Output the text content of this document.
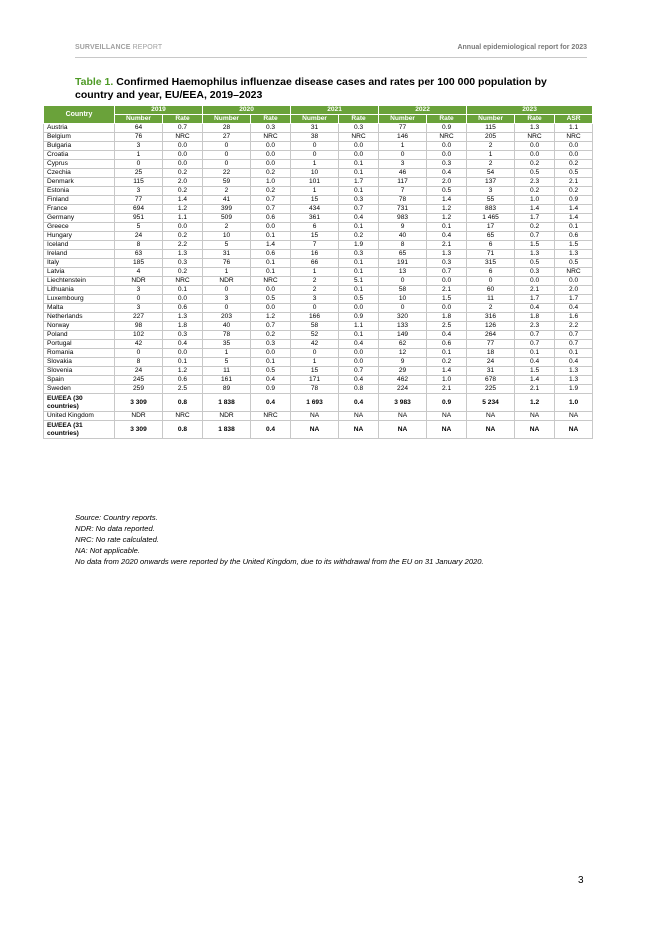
SURVEILLANCE REPORT	Annual epidemiological report for 2023
Table 1. Confirmed Haemophilus influenzae disease cases and rates per 100 000 population by country and year, EU/EEA, 2019–2023
Country	2019		2020		2021		2022		2023		
	Number	Rate	Number	Rate	Number	Rate	Number	Rate	Number	Rate	ASR
Austria	64	0.7	28	0.3	31	0.3	77	0.9	115	1.3	1.1
Belgium	76	NRC	27	NRC	38	NRC	146	NRC	205	NRC	NRC
Bulgaria	3	0.0	0	0.0	0	0.0	1	0.0	2	0.0	0.0
Croatia	1	0.0	0	0.0	0	0.0	0	0.0	1	0.0	0.0
Cyprus	0	0.0	0	0.0	1	0.1	3	0.3	2	0.2	0.2
Czechia	25	0.2	22	0.2	10	0.1	46	0.4	54	0.5	0.5
Denmark	115	2.0	59	1.0	101	1.7	117	2.0	137	2.3	2.1
Estonia	3	0.2	2	0.2	1	0.1	7	0.5	3	0.2	0.2
Finland	77	1.4	41	0.7	15	0.3	78	1.4	55	1.0	0.9
France	694	1.2	399	0.7	434	0.7	731	1.2	883	1.4	1.4
Germany	951	1.1	509	0.6	361	0.4	983	1.2	1 465	1.7	1.4
Greece	5	0.0	2	0.0	6	0.1	9	0.1	17	0.2	0.1
Hungary	24	0.2	10	0.1	15	0.2	40	0.4	65	0.7	0.6
Iceland	8	2.2	5	1.4	7	1.9	8	2.1	6	1.5	1.5
Ireland	63	1.3	31	0.6	16	0.3	65	1.3	71	1.3	1.3
Italy	185	0.3	76	0.1	66	0.1	191	0.3	315	0.5	0.5
Latvia	4	0.2	1	0.1	1	0.1	13	0.7	6	0.3	NRC
Liechtenstein	NDR	NRC	NDR	NRC	2	5.1	0	0.0	0	0.0	0.0
Lithuania	3	0.1	0	0.0	2	0.1	58	2.1	60	2.1	2.0
Luxembourg	0	0.0	3	0.5	3	0.5	10	1.5	11	1.7	1.7
Malta	3	0.6	0	0.0	0	0.0	0	0.0	2	0.4	0.4
Netherlands	227	1.3	203	1.2	166	0.9	320	1.8	316	1.8	1.6
Norway	98	1.8	40	0.7	58	1.1	133	2.5	126	2.3	2.2
Poland	102	0.3	78	0.2	52	0.1	149	0.4	264	0.7	0.7
Portugal	42	0.4	35	0.3	42	0.4	62	0.6	77	0.7	0.7
Romania	0	0.0	1	0.0	0	0.0	12	0.1	18	0.1	0.1
Slovakia	8	0.1	5	0.1	1	0.0	9	0.2	24	0.4	0.4
Slovenia	24	1.2	11	0.5	15	0.7	29	1.4	31	1.5	1.3
Spain	245	0.6	161	0.4	171	0.4	462	1.0	678	1.4	1.3
Sweden	259	2.5	89	0.9	78	0.8	224	2.1	225	2.1	1.9
EU/EEA (30 countries)	3 309	0.8	1 838	0.4	1 693	0.4	3 983	0.9	5 234	1.2	1.0
United Kingdom	NDR	NRC	NDR	NRC	NA	NA	NA	NA	NA	NA	NA
EU/EEA (31 countries)	3 309	0.8	1 838	0.4	NA	NA	NA	NA	NA	NA	NA
Source: Country reports.
NDR: No data reported.
NRC: No rate calculated.
NA: Not applicable.
No data from 2020 onwards were reported by the United Kingdom, due to its withdrawal from the EU on 31 January 2020.
3
